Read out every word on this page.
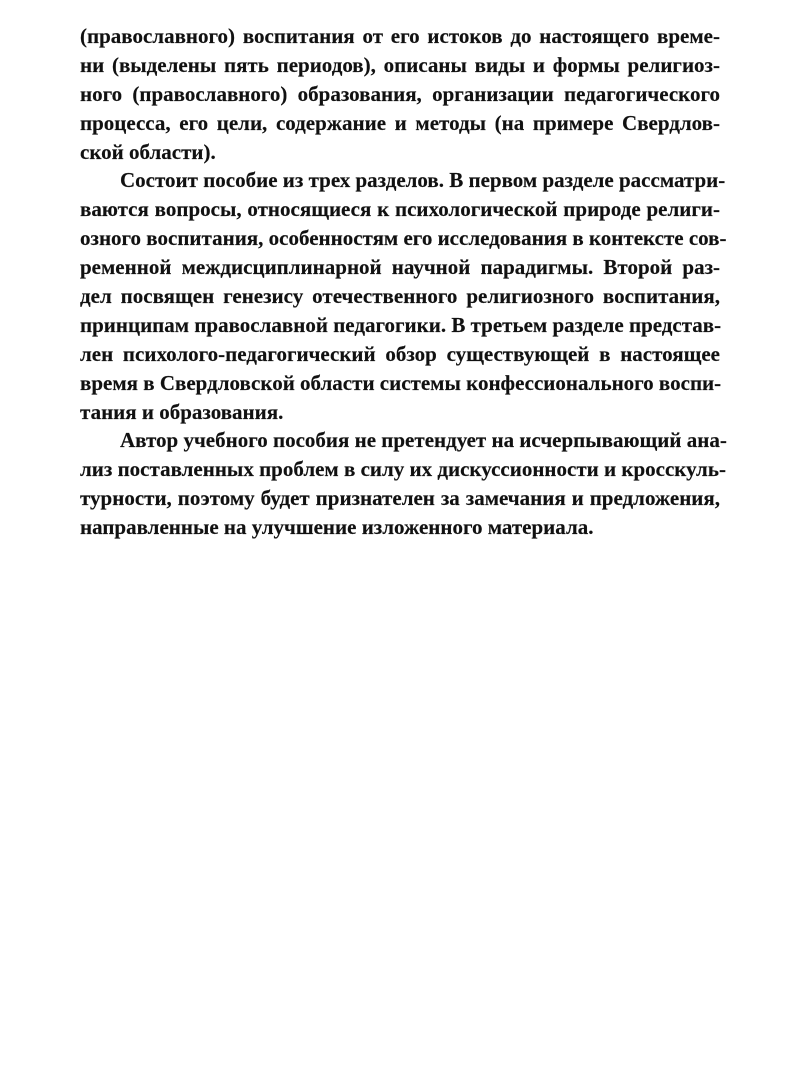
(православного) воспитания от его истоков до настоящего време-
ни (выделены пять периодов), описаны виды и формы религиоз-
ного (православного) образования, организации педагогического
процесса, его цели, содержание и методы (на примере Свердлов-
ской области).
Состоит пособие из трех разделов. В первом разделе рассматри-
ваются вопросы, относящиеся к психологической природе религи-
озного воспитания, особенностям его исследования в контексте сов-
ременной междисциплинарной научной парадигмы. Второй раз-
дел посвящен генезису отечественного религиозного воспитания,
принципам православной педагогики. В третьем разделе представ-
лен психолого-педагогический обзор существующей в настоящее
время в Свердловской области системы конфессионального воспи-
тания и образования.
Автор учебного пособия не претендует на исчерпывающий ана-
лиз поставленных проблем в силу их дискуссионности и кросскуль-
турности, поэтому будет признателен за замечания и предложения,
направленные на улучшение изложенного материала.
